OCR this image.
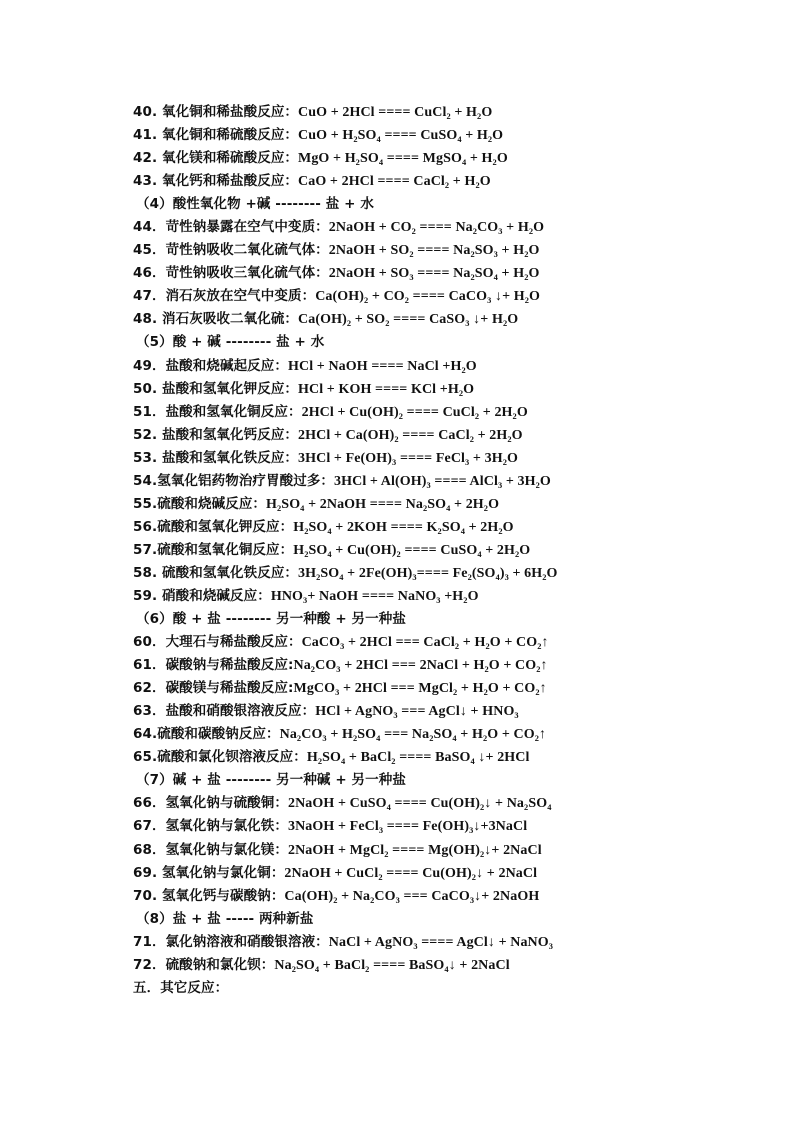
40. 氧化铜和稀盐酸反应：CuO + 2HCl ==== CuCl₂ + H₂O
41. 氧化铜和稀硫酸反应：CuO + H₂SO₄ ==== CuSO₄ + H₂O
42. 氧化镁和稀硫酸反应：MgO + H₂SO₄ ==== MgSO₄ + H₂O
43. 氧化钙和稀盐酸反应：CaO + 2HCl ==== CaCl₂ + H₂O
（4）酸性氧化物 +碱 -------- 盐 + 水
44．苛性钠暴露在空气中变质：2NaOH + CO₂ ==== Na₂CO₃ + H₂O
45．苛性钠吸收二氧化硫气体：2NaOH + SO₂ ==== Na₂SO₃ + H₂O
46．苛性钠吸收三氧化硫气体：2NaOH + SO₃ ==== Na₂SO₄ + H₂O
47．消石灰放在空气中变质：Ca(OH)₂ + CO₂ ==== CaCO₃ ↓+ H₂O
48. 消石灰吸收二氧化硫：Ca(OH)₂ + SO₂ ==== CaSO₃ ↓+ H₂O
（5）酸 + 碱 -------- 盐 + 水
49．盐酸和烧碱起反应：HCl + NaOH ==== NaCl +H₂O
50. 盐酸和氢氧化钾反应：HCl + KOH ==== KCl +H₂O
51．盐酸和氢氧化铜反应：2HCl + Cu(OH)₂ ==== CuCl₂ + 2H₂O
52. 盐酸和氢氧化钙反应：2HCl + Ca(OH)₂ ==== CaCl₂ + 2H₂O
53. 盐酸和氢氧化铁反应：3HCl + Fe(OH)₃ ==== FeCl₃ + 3H₂O
54.氢氧化铝药物治疗胃酸过多：3HCl + Al(OH)₃ ==== AlCl₃ + 3H₂O
55.硫酸和烧碱反应：H₂SO₄ + 2NaOH ==== Na₂SO₄ + 2H₂O
56.硫酸和氢氧化钾反应：H₂SO₄ + 2KOH ==== K₂SO₄ + 2H₂O
57.硫酸和氢氧化铜反应：H₂SO₄ + Cu(OH)₂ ==== CuSO₄ + 2H₂O
58. 硫酸和氢氧化铁反应：3H₂SO₄ + 2Fe(OH)₃==== Fe₂(SO₄)₃ + 6H₂O
59. 硝酸和烧碱反应：HNO₃+ NaOH ==== NaNO₃ +H₂O
（6）酸 + 盐 -------- 另一种酸 + 另一种盐
60．大理石与稀盐酸反应：CaCO₃ + 2HCl === CaCl₂ + H₂O + CO₂↑
61．碳酸钠与稀盐酸反应:Na₂CO₃ + 2HCl === 2NaCl + H₂O + CO₂↑
62．碳酸镁与稀盐酸反应:MgCO₃ + 2HCl === MgCl₂ + H₂O + CO₂↑
63．盐酸和硝酸银溶液反应：HCl + AgNO₃ === AgCl↓ + HNO₃
64.硫酸和碳酸钠反应：Na₂CO₃ + H₂SO₄ === Na₂SO₄ + H₂O + CO₂↑
65.硫酸和氯化钡溶液反应：H₂SO₄ + BaCl₂ ==== BaSO₄ ↓+ 2HCl
（7）碱 + 盐 -------- 另一种碱 + 另一种盐
66．氢氧化钠与硫酸铜：2NaOH + CuSO₄ ==== Cu(OH)₂↓ + Na₂SO₄
67．氢氧化钠与氯化铁：3NaOH + FeCl₃ ==== Fe(OH)₃↓+3NaCl
68．氢氧化钠与氯化镁：2NaOH + MgCl₂ ==== Mg(OH)₂↓+ 2NaCl
69. 氢氧化钠与氯化铜：2NaOH + CuCl₂ ==== Cu(OH)₂↓ + 2NaCl
70. 氢氧化钙与碳酸钠：Ca(OH)₂ + Na₂CO₃ === CaCO₃↓+ 2NaOH
（8）盐 + 盐 ----- 两种新盐
71．氯化钠溶液和硝酸银溶液：NaCl + AgNO₃ ==== AgCl↓ + NaNO₃
72．硫酸钠和氯化钡：Na₂SO₄ + BaCl₂ ==== BaSO₄↓ + 2NaCl
五．其它反应：
